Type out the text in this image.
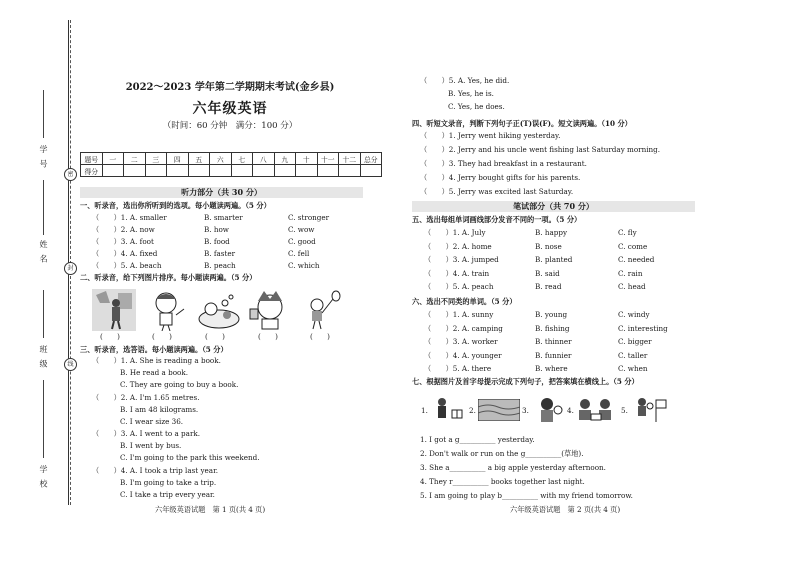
学 校
班 级
姓 名
学 号
密
封
线
2022～2023 学年第二学期期末考试(金乡县)
六年级英语
（时间：60 分钟　满分：100 分）
题号	一	二	三	四	五	六	七	八	九	十	十一	十二	总分
得分													
听力部分（共 30 分）
一、听录音，选出你所听到的选项。每小题读两遍。（5 分）
二、听录音，给下列图片排序。每小题读两遍。（5 分）
三、听录音，选答语。每小题读两遍。（5 分）
四、听短文录音，判断下列句子正(T)误(F)。短文读两遍。（10 分）
笔试部分（共 70 分）
五、选出每组单词画线部分发音不同的一项。（5 分）
六、选出不同类的单词。（5 分）
七、根据图片及首字母提示完成下列句子，把答案填在横线上。（5 分）
六年级英语试题　第 1 页(共 4 页)	六年级英语试题　第 2 页(共 4 页)
（　　）1. A. smaller	B. smarter	C. stronger
（　　）2. A. now	B. how	C. wow
（　　）3. A. foot	B. food	C. good
（　　）4. A. fixed	B. faster	C. fell
（　　）5. A. beach	B. peach	C. which
（　　）1. A. July	B. happy	C. fly
（　　）2. A. home	B. nose	C. come
（　　）3. A. jumped	B. planted	C. needed
（　　）4. A. train	B. said	C. rain
（　　）5. A. peach	B. read	C. head
（　　）1. A. sunny	B. young	C. windy
（　　）2. A. camping	B. fishing	C. interesting
（　　）3. A. worker	B. thinner	C. bigger
（　　）4. A. younger	B. funnier	C. taller
（　　）5. A. there	B. where	C. when
(　　)	(　　)	(　　)	(　　)	(　　)
（　　）1. A. She is reading a book.
B. He read a book.
C. They are going to buy a book.
（　　）2. A. I'm 1.65 metres.
B. I am 48 kilograms.
C. I wear size 36.
（　　）3. A. I went to a park.
B. I went by bus.
C. I'm going to the park this weekend.
（　　）4. A. I took a trip last year.
B. I'm going to take a trip.
C. I take a trip every year.
（　　）5. A. Yes, he did.
B. Yes, he is.
C. Yes, he does.
（　　）1. Jerry went hiking yesterday.
（　　）2. Jerry and his uncle went fishing last Saturday morning.
（　　）3. They had breakfast in a restaurant.
（　　）4. Jerry bought gifts for his parents.
（　　）5. Jerry was excited last Saturday.
1.	2.	3.	4.	5.
1. I got a g__________ yesterday.
2. Don't walk or run on the g__________(草地).
3. She a__________ a big apple yesterday afternoon.
4. They r__________ books together last night.
5. I am going to play b__________ with my friend tomorrow.
